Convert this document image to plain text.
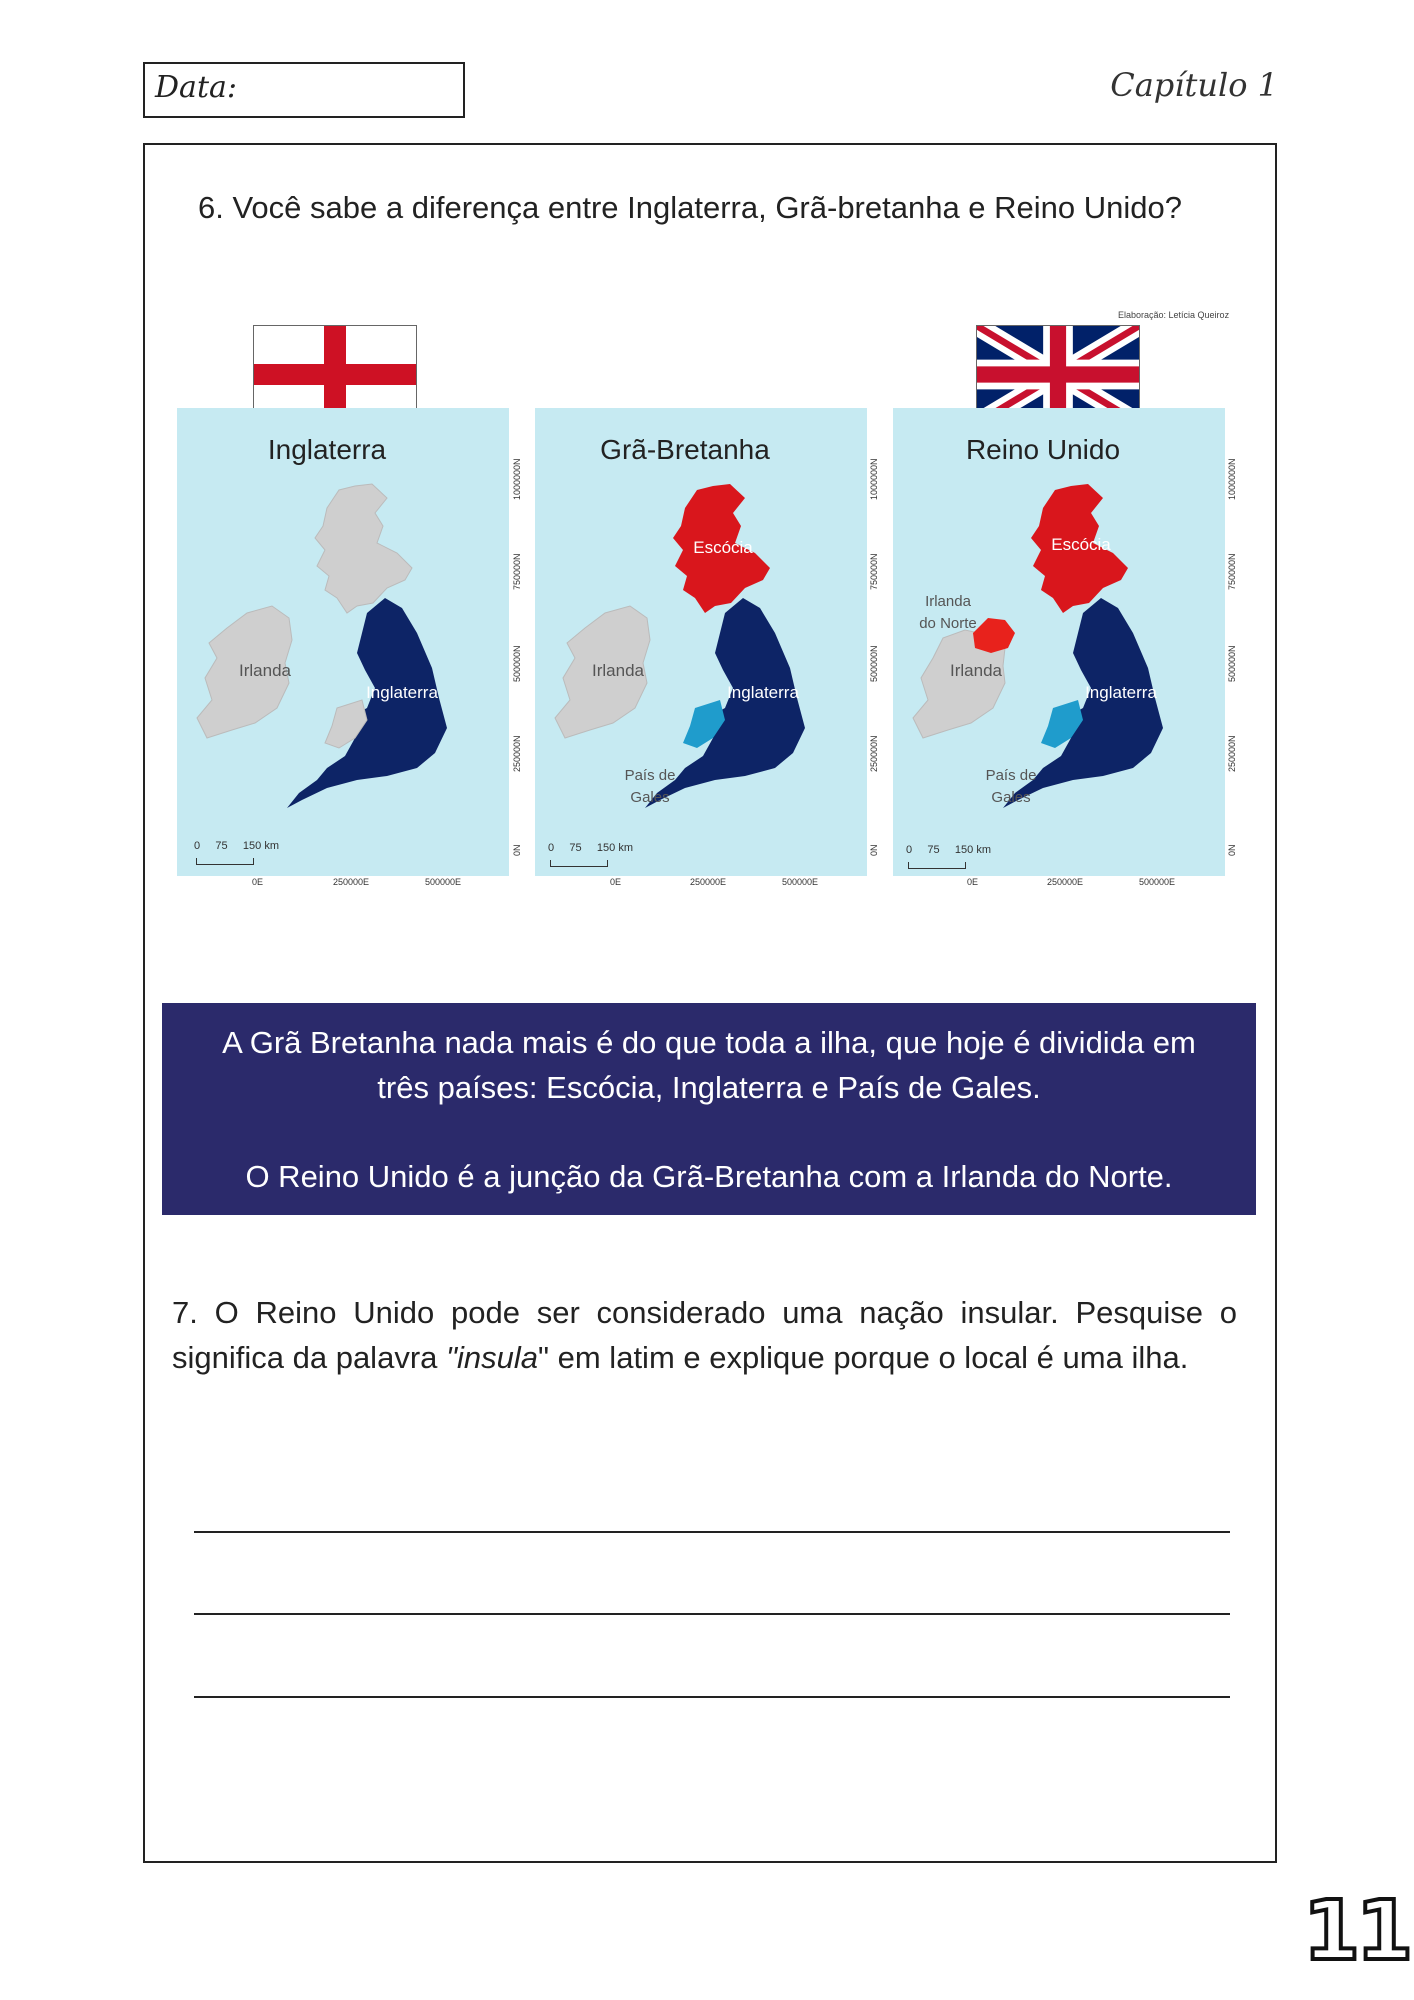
Data:	Capítulo 1
6. Você sabe a diferença entre Inglaterra, Grã-bretanha e Reino Unido?
Elaboração: Letícia Queiroz
Irlanda
Inglaterra
Inglaterra
Escócia
Irlanda
Inglaterra
País de
Gales
Grã-Bretanha
Escócia
Irlanda
do Norte
Irlanda
Inglaterra
País de
Gales
Reino Unido
0     75     150 km	0     75     150 km	0     75     150 km
0E	250000E	500000E	0E	250000E	500000E	0E	250000E	500000E
1000000N
750000N
500000N
250000N
0N
1000000N
750000N
500000N
250000N
0N
1000000N
750000N
500000N
250000N
0N

A Grã Bretanha nada mais é do que toda a ilha, que hoje é dividida em

três países: Escócia, Inglaterra e País de Gales.

O Reino Unido é a junção da Grã-Bretanha com a Irlanda do Norte.

7. O Reino Unido pode ser considerado uma nação insular. Pesquise o significa da palavra "insula" em latim e explique porque o local é uma ilha.
11
